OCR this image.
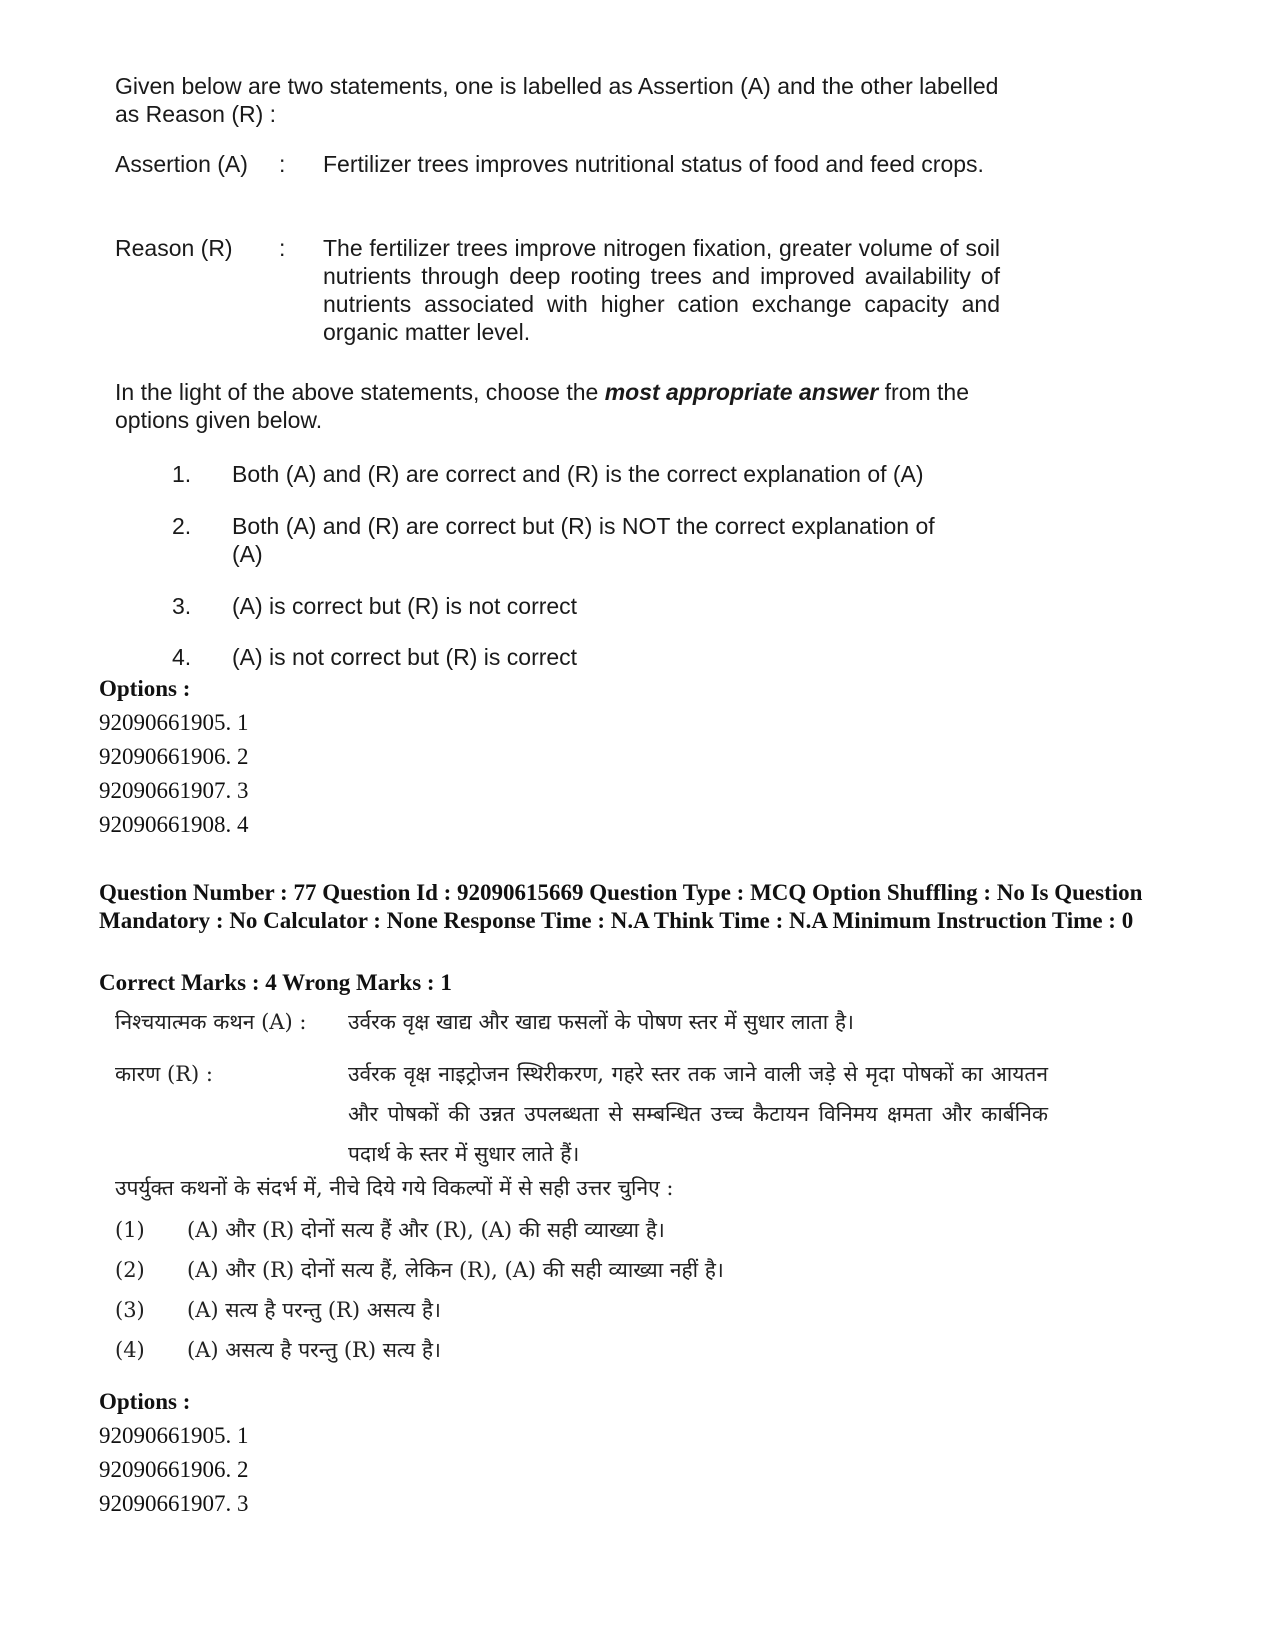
Given below are two statements, one is labelled as Assertion (A) and the other labelled as Reason (R) :
Assertion (A)	: Fertilizer trees improves nutritional status of food and feed crops.
Reason (R)	: The fertilizer trees improve nitrogen fixation, greater volume of soil nutrients through deep rooting trees and improved availability of nutrients associated with higher cation exchange capacity and organic matter level.
In the light of the above statements, choose the most appropriate answer from the options given below.
1. Both (A) and (R) are correct and (R) is the correct explanation of (A)
2. Both (A) and (R) are correct but (R) is NOT the correct explanation of (A)
3. (A) is correct but (R) is not correct
4. (A) is not correct but (R) is correct
Options :
92090661905. 1
92090661906. 2
92090661907. 3
92090661908. 4
Question Number : 77 Question Id : 92090615669 Question Type : MCQ Option Shuffling : No Is Question Mandatory : No Calculator : None Response Time : N.A Think Time : N.A Minimum Instruction Time : 0
Correct Marks : 4 Wrong Marks : 1
निश्चयात्मक कथन (A) : उर्वरक वृक्ष खाद्य और खाद्य फसलों के पोषण स्तर में सुधार लाता है।
कारण (R) :	उर्वरक वृक्ष नाइट्रोजन स्थिरीकरण, गहरे स्तर तक जाने वाली जड़े से मृदा पोषकों का आयतन और पोषकों की उन्नत उपलब्धता से सम्बन्धित उच्च कैटायन विनिमय क्षमता और कार्बनिक पदार्थ के स्तर में सुधार लाते हैं।
उपर्युक्त कथनों के संदर्भ में, नीचे दिये गये विकल्पों में से सही उत्तर चुनिए :
(1) (A) और (R) दोनों सत्य हैं और (R), (A) की सही व्याख्या है।
(2) (A) और (R) दोनों सत्य हैं, लेकिन (R), (A) की सही व्याख्या नहीं है।
(3) (A) सत्य है परन्तु (R) असत्य है।
(4) (A) असत्य है परन्तु (R) सत्य है।
Options :
92090661905. 1
92090661906. 2
92090661907. 3
